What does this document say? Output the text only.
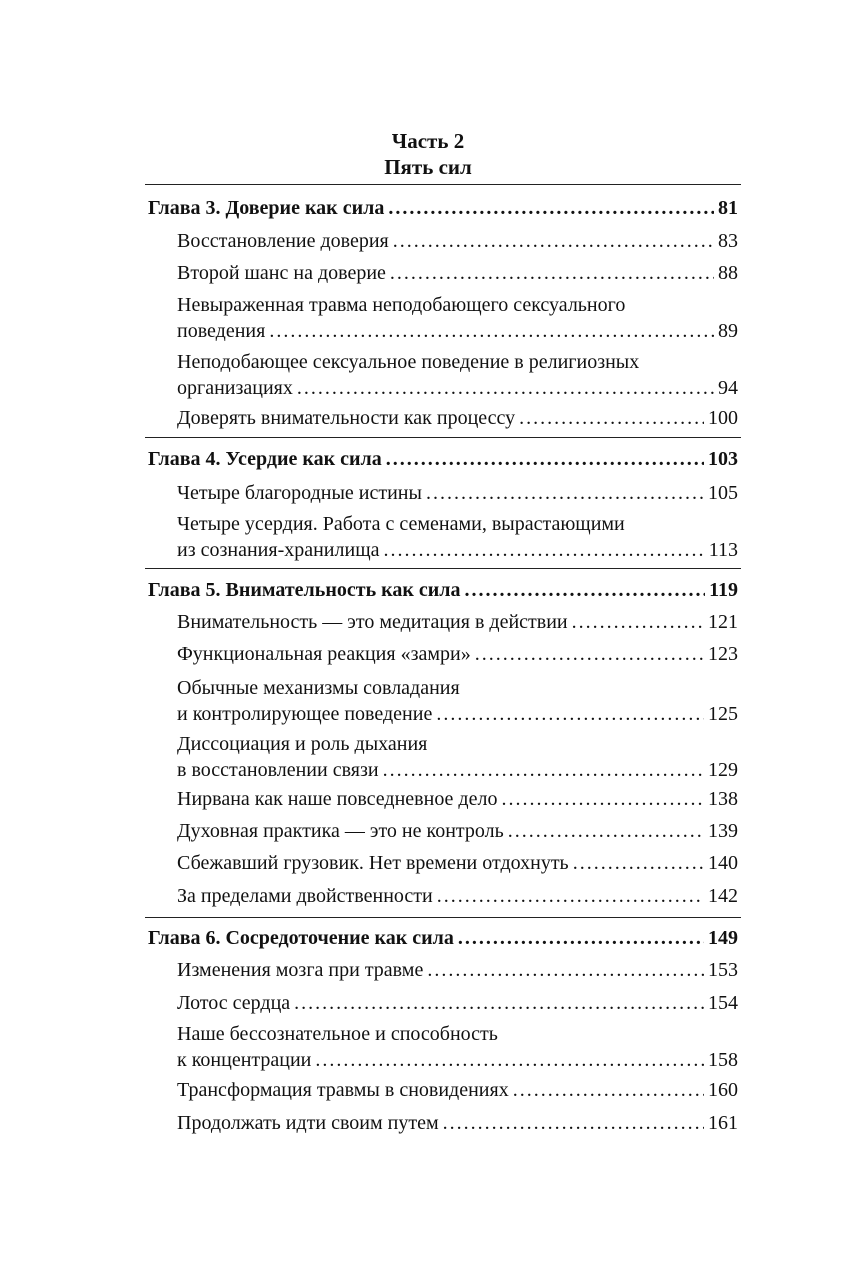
Часть 2
Пять сил
Глава 3. Доверие как сила .....	81
Восстановление доверия .....	83
Второй шанс на доверие .....	88
Невыраженная травма неподобающего сексуального
поведения .....	89
Неподобающее сексуальное поведение в религиозных
организациях .....	94
Доверять внимательности как процессу .....	100
Глава 4. Усердие как сила .....	103
Четыре благородные истины .....	105
Четыре усердия. Работа с семенами, вырастающими
из сознания-хранилища .....	113
Глава 5. Внимательность как сила .....	119
Внимательность — это медитация в действии .....	121
Функциональная реакция «замри» .....	123
Обычные механизмы совладания
и контролирующее поведение .....	125
Диссоциация и роль дыхания
в восстановлении связи .....	129
Нирвана как наше повседневное дело .....	138
Духовная практика — это не контроль .....	139
Сбежавший грузовик. Нет времени отдохнуть .....	140
За пределами двойственности .....	142
Глава 6. Сосредоточение как сила .....	149
Изменения мозга при травме .....	153
Лотос сердца .....	154
Наше бессознательное и способность
к концентрации .....	158
Трансформация травмы в сновидениях .....	160
Продолжать идти своим путем .....	161
